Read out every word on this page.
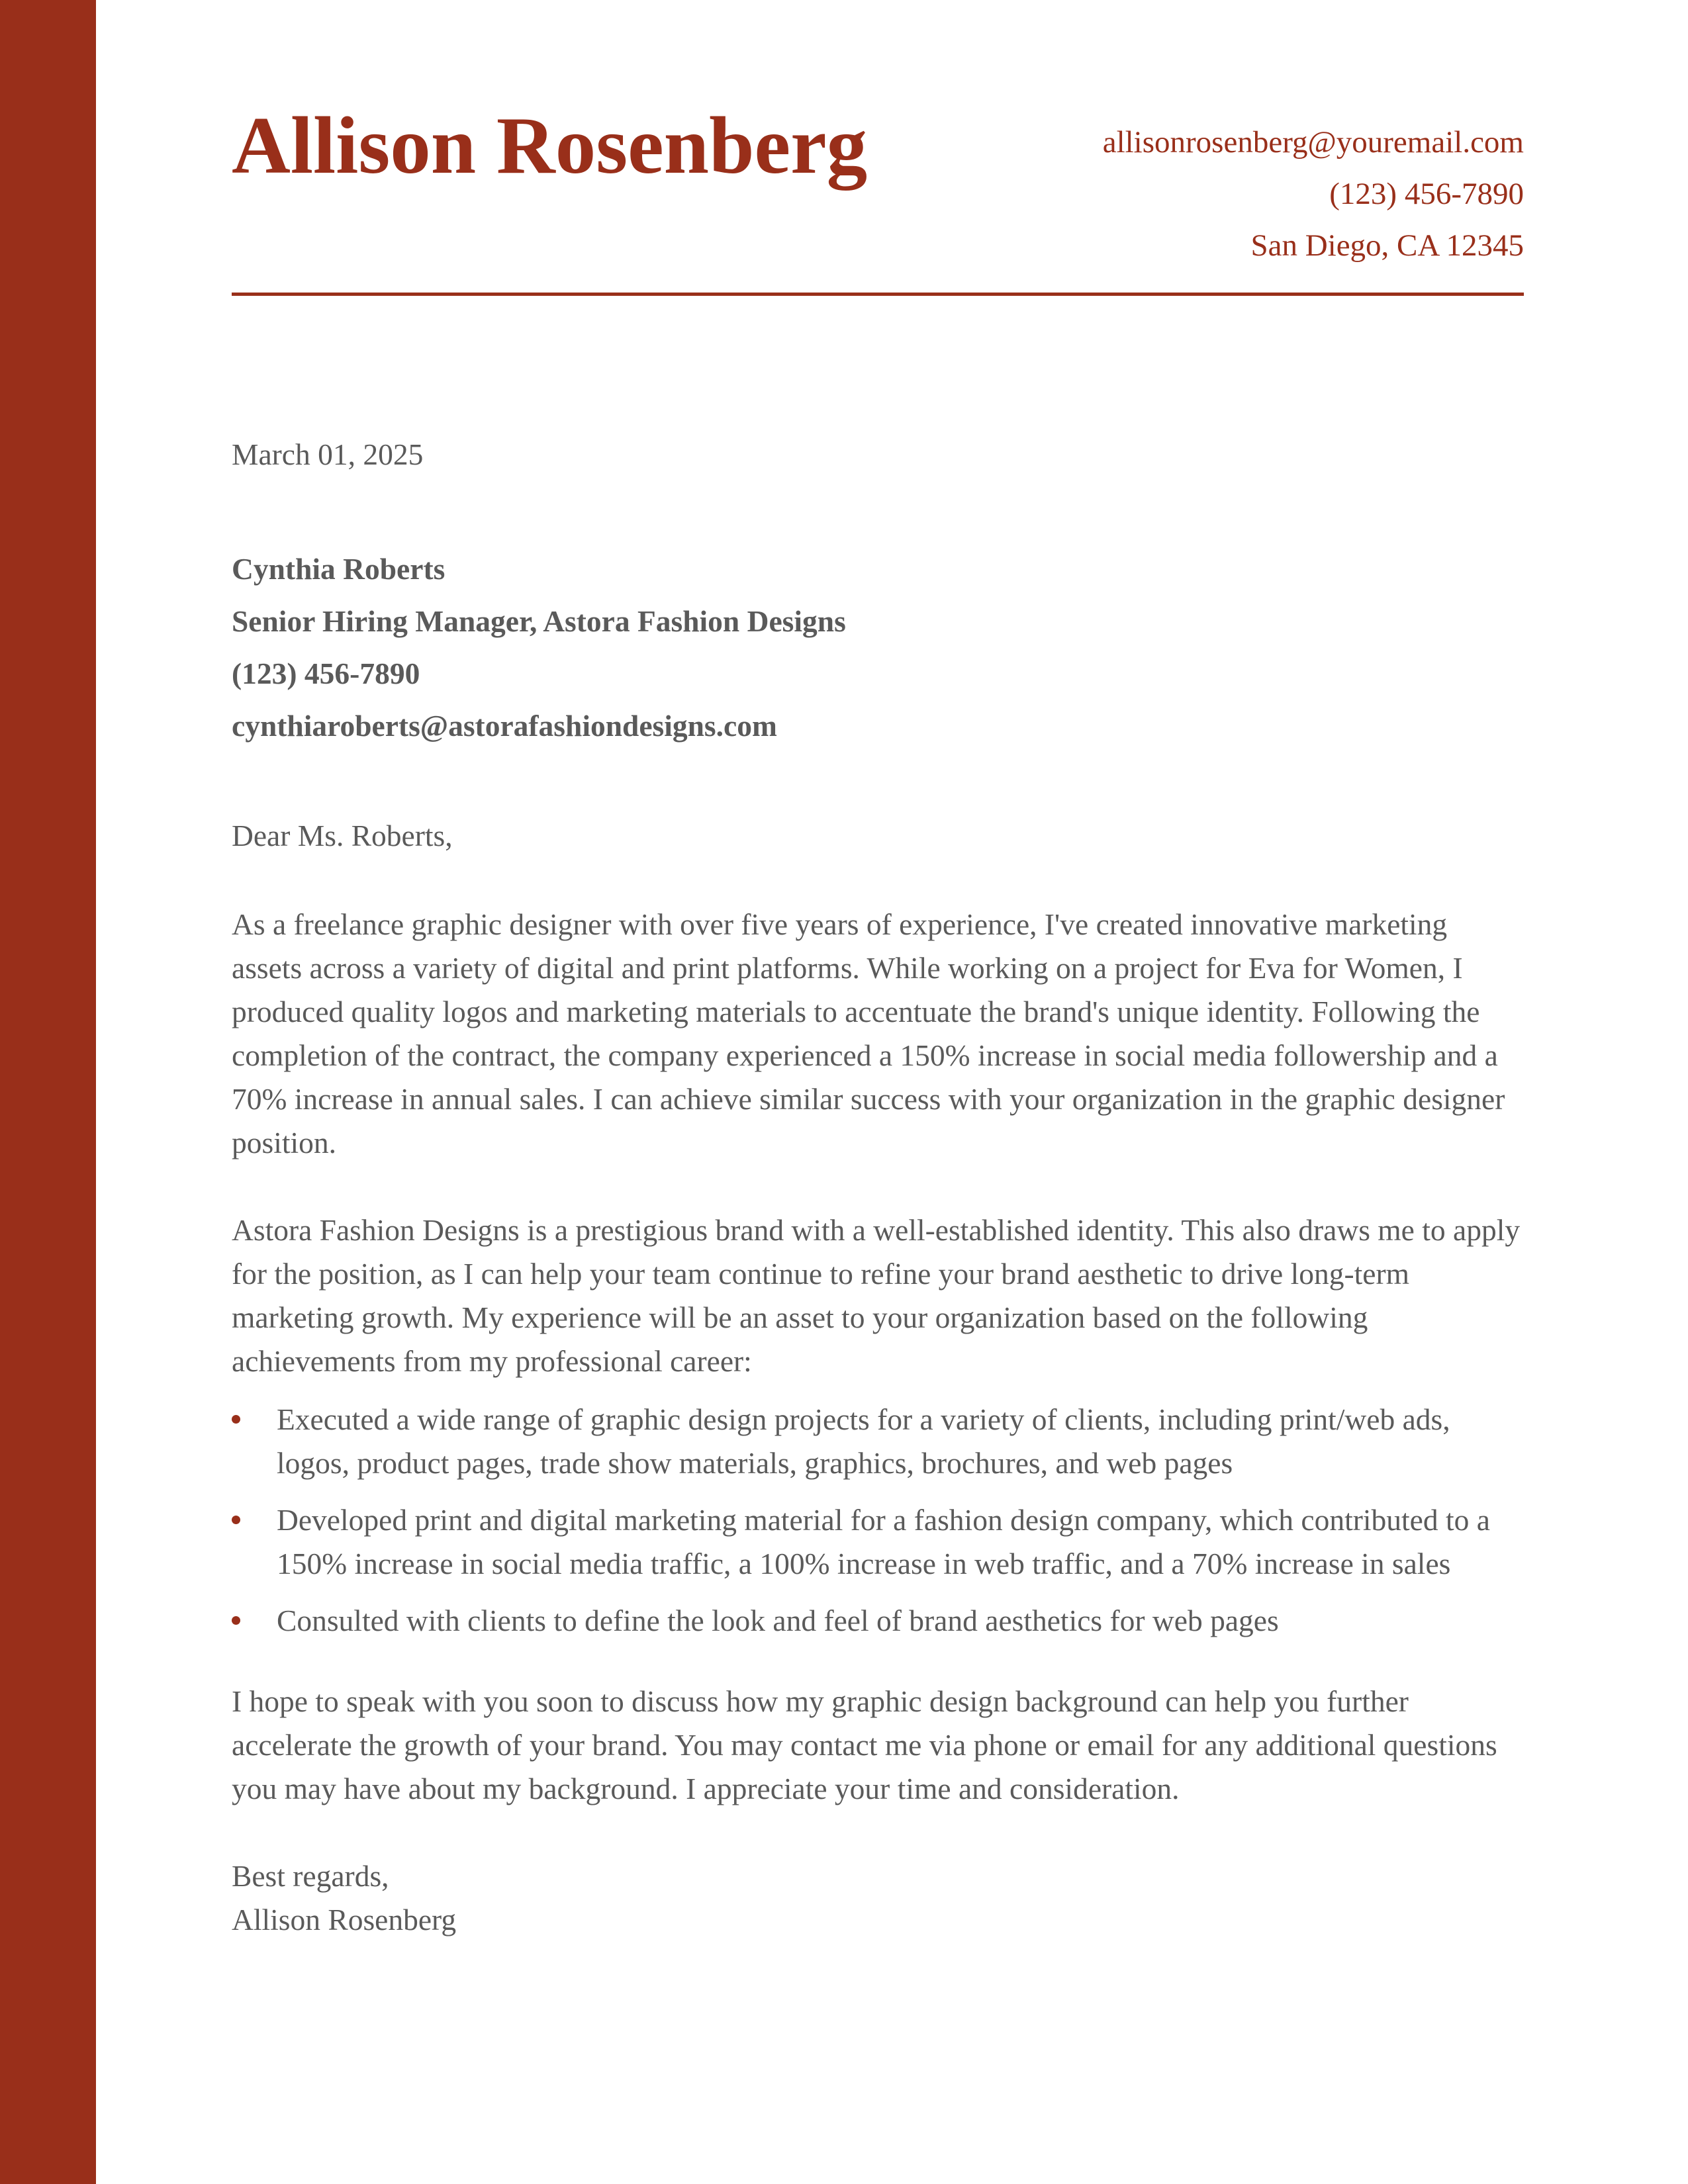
Allison Rosenberg	allisonrosenberg@youremail.com
(123) 456-7890
San Diego, CA 12345
March 01, 2025
Cynthia Roberts
Senior Hiring Manager, Astora Fashion Designs
(123) 456-7890
cynthiaroberts@astorafashiondesigns.com
Dear Ms. Roberts,

As a freelance graphic designer with over five years of experience, I've created innovative marketing assets across a variety of digital and print platforms. While working on a project for Eva for Women, I produced quality logos and marketing materials to accentuate the brand's unique identity. Following the completion of the contract, the company experienced a 150% increase in social media followership and a 70% increase in annual sales. I can achieve similar success with your organization in the graphic designer position.

Astora Fashion Designs is a prestigious brand with a well-established identity. This also draws me to apply for the position, as I can help your team continue to refine your brand aesthetic to drive long-term marketing growth. My experience will be an asset to your organization based on the following achievements from my professional career:

Executed a wide range of graphic design projects for a variety of clients, including print/web ads, logos, product pages, trade show materials, graphics, brochures, and web pages
Developed print and digital marketing material for a fashion design company, which contributed to a 150% increase in social media traffic, a 100% increase in web traffic, and a 70% increase in sales
Consulted with clients to define the look and feel of brand aesthetics for web pages

I hope to speak with you soon to discuss how my graphic design background can help you further accelerate the growth of your brand. You may contact me via phone or email for any additional questions you may have about my background. I appreciate your time and consideration.

Best regards,
Allison Rosenberg
